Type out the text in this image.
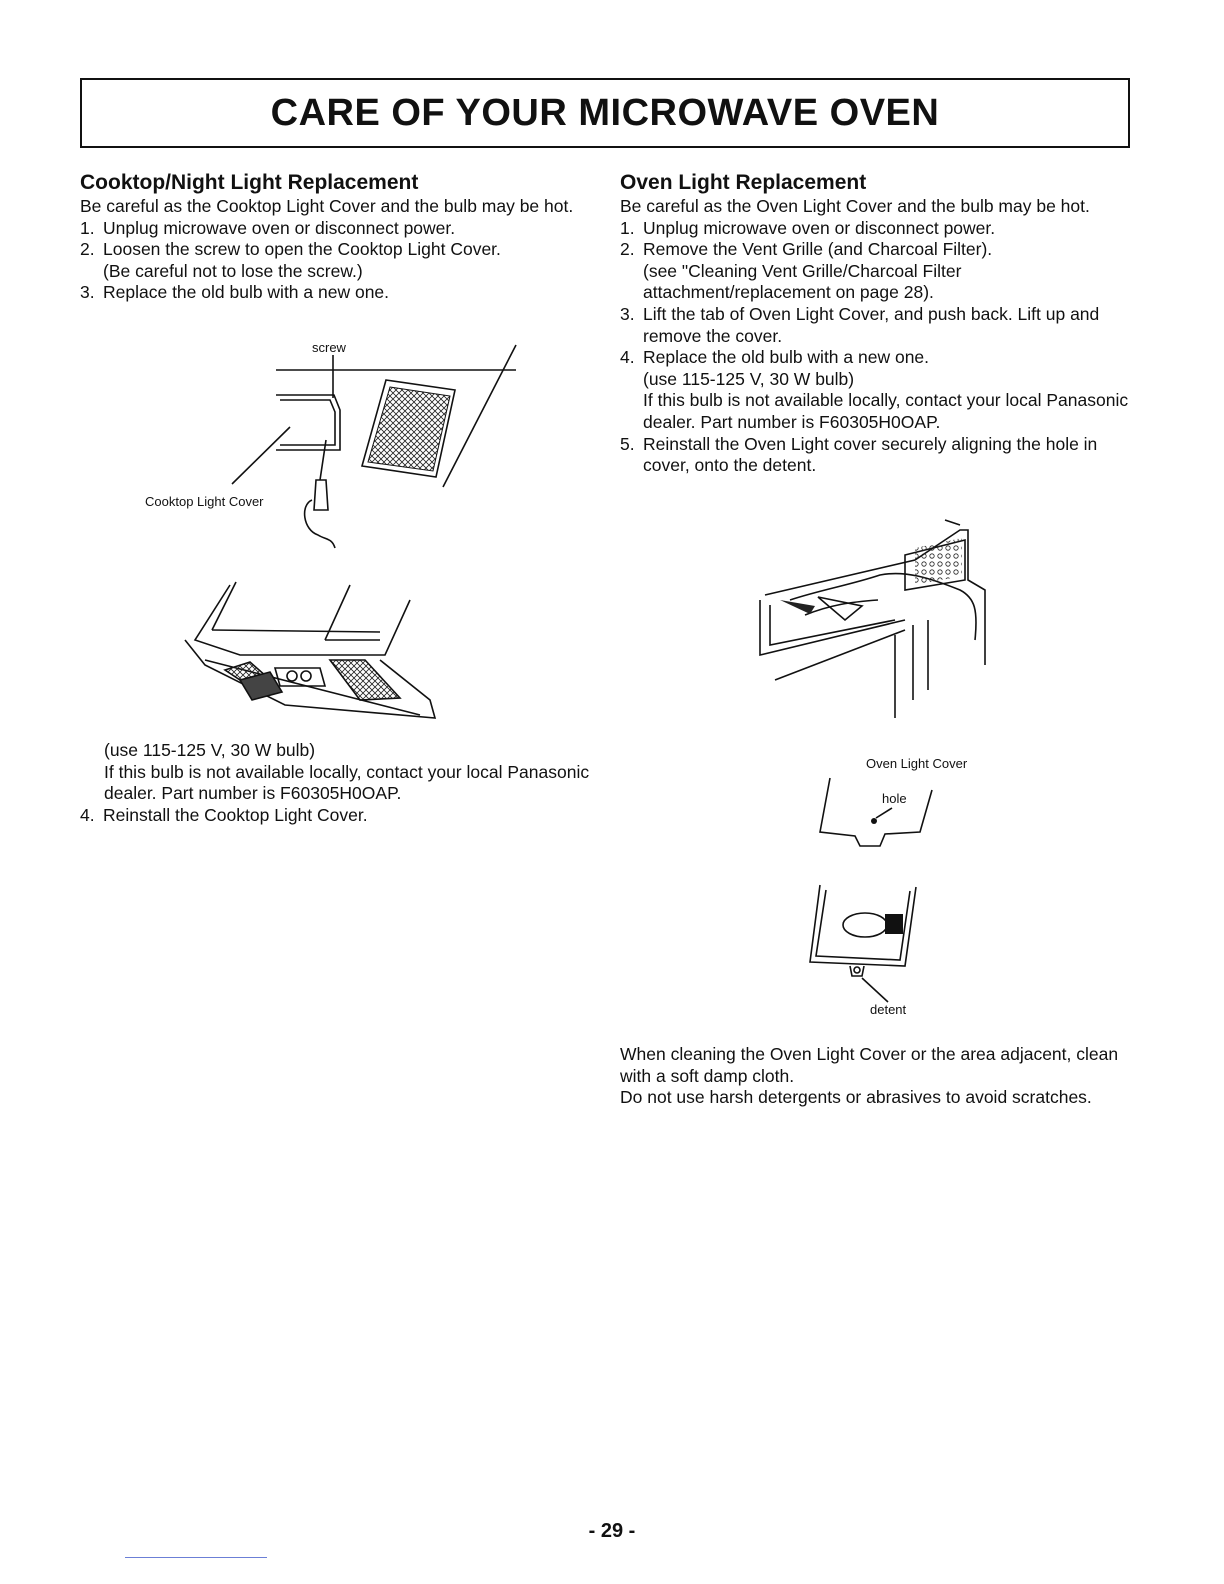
CARE OF YOUR MICROWAVE OVEN
Cooktop/Night Light Replacement

Be careful as the Cooktop Light Cover and the bulb may be hot.

1. Unplug microwave oven or disconnect power.
2. Loosen the screw to open the Cooktop Light Cover.
(Be careful not to lose the screw.)
3. Replace the old bulb with a new one.
screw
Cooktop Light Cover

(use 115-125 V, 30 W bulb)

If this bulb is not available locally, contact your local Panasonic dealer. Part number is F60305H0OAP.

4. Reinstall the Cooktop Light Cover.
Oven Light Replacement

Be careful as the Oven Light Cover and the bulb may be hot.

1. Unplug microwave oven or disconnect power.
2. Remove the Vent Grille (and Charcoal Filter).
(see "Cleaning Vent Grille/Charcoal Filter attachment/replacement on page 28).
3. Lift the tab of Oven Light Cover, and push back. Lift up and remove the cover.
4. Replace the old bulb with a new one.
(use 115-125 V, 30 W bulb)
If this bulb is not available locally, contact your local Panasonic dealer. Part number is F60305H0OAP.
5. Reinstall the Oven Light cover securely aligning the hole in cover, onto the detent.
Oven Light Cover
hole
detent

When cleaning the Oven Light Cover or the area adjacent, clean with a soft damp cloth.

Do not use harsh detergents or abrasives to avoid scratches.

- 29 -
